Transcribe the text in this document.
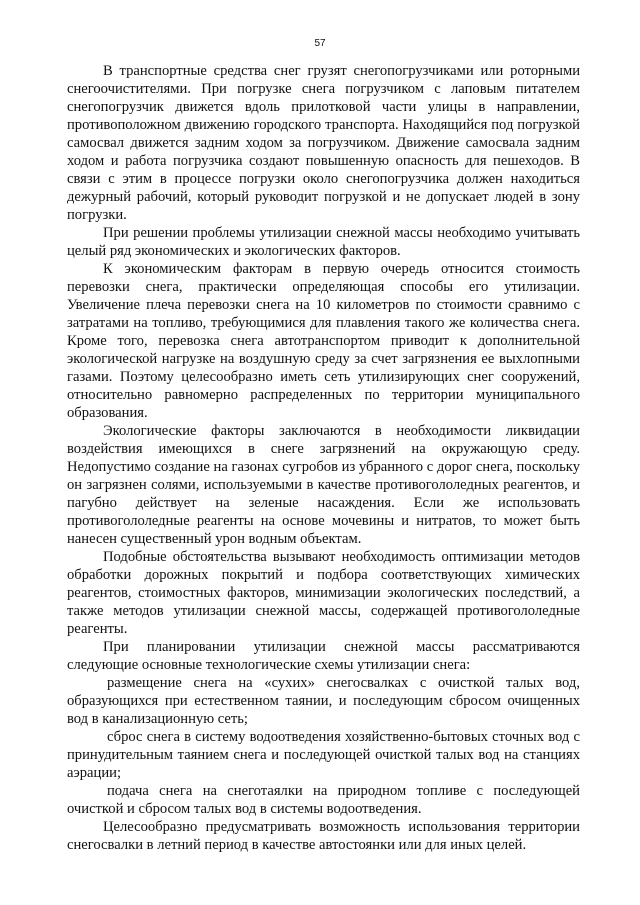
57

В транспортные средства снег грузят снегопогрузчиками или роторными снегоочистителями. При погрузке снега погрузчиком с лаповым питателем снегопогрузчик движется вдоль прилотковой части улицы в направлении, противоположном движению городского транспорта. Находящийся под погрузкой самосвал движется задним ходом за погрузчиком. Движение самосвала задним ходом и работа погрузчика создают повышенную опасность для пешеходов. В связи с этим в процессе погрузки около снегопогрузчика должен находиться дежурный рабочий, который руководит погрузкой и не допускает людей в зону погрузки.

При решении проблемы утилизации снежной массы необходимо учитывать целый ряд экономических и экологических факторов.

К экономическим факторам в первую очередь относится стоимость перевозки снега, практически определяющая способы его утилизации. Увеличение плеча перевозки снега на 10 километров по стоимости сравнимо с затратами на топливо, требующимися для плавления такого же количества снега. Кроме того, перевозка снега автотранспортом приводит к дополнительной экологической нагрузке на воздушную среду за счет загрязнения ее выхлопными газами. Поэтому целесообразно иметь сеть утилизирующих снег сооружений, относительно равномерно распределенных по территории муниципального образования.

Экологические факторы заключаются в необходимости ликвидации воздействия имеющихся в снеге загрязнений на окружающую среду. Недопустимо создание на газонах сугробов из убранного с дорог снега, поскольку он загрязнен солями, используемыми в качестве противогололедных реагентов, и пагубно действует на зеленые насаждения. Если же использовать противогололедные реагенты на основе мочевины и нитратов, то может быть нанесен существенный урон водным объектам.

Подобные обстоятельства вызывают необходимость оптимизации методов обработки дорожных покрытий и подбора соответствующих химических реагентов, стоимостных факторов, минимизации экологических последствий, а также методов утилизации снежной массы, содержащей противогололедные реагенты.

При планировании утилизации снежной массы рассматриваются следующие основные технологические схемы утилизации снега:

размещение снега на «сухих» снегосвалках с очисткой талых вод, образующихся при естественном таянии, и последующим сбросом очищенных вод в канализационную сеть;

сброс снега в систему водоотведения хозяйственно-бытовых сточных вод с принудительным таянием снега и последующей очисткой талых вод на станциях аэрации;

подача снега на снеготаялки на природном топливе с последующей очисткой и сбросом талых вод в системы водоотведения.

Целесообразно предусматривать возможность использования территории снегосвалки в летний период в качестве автостоянки или для иных целей.
